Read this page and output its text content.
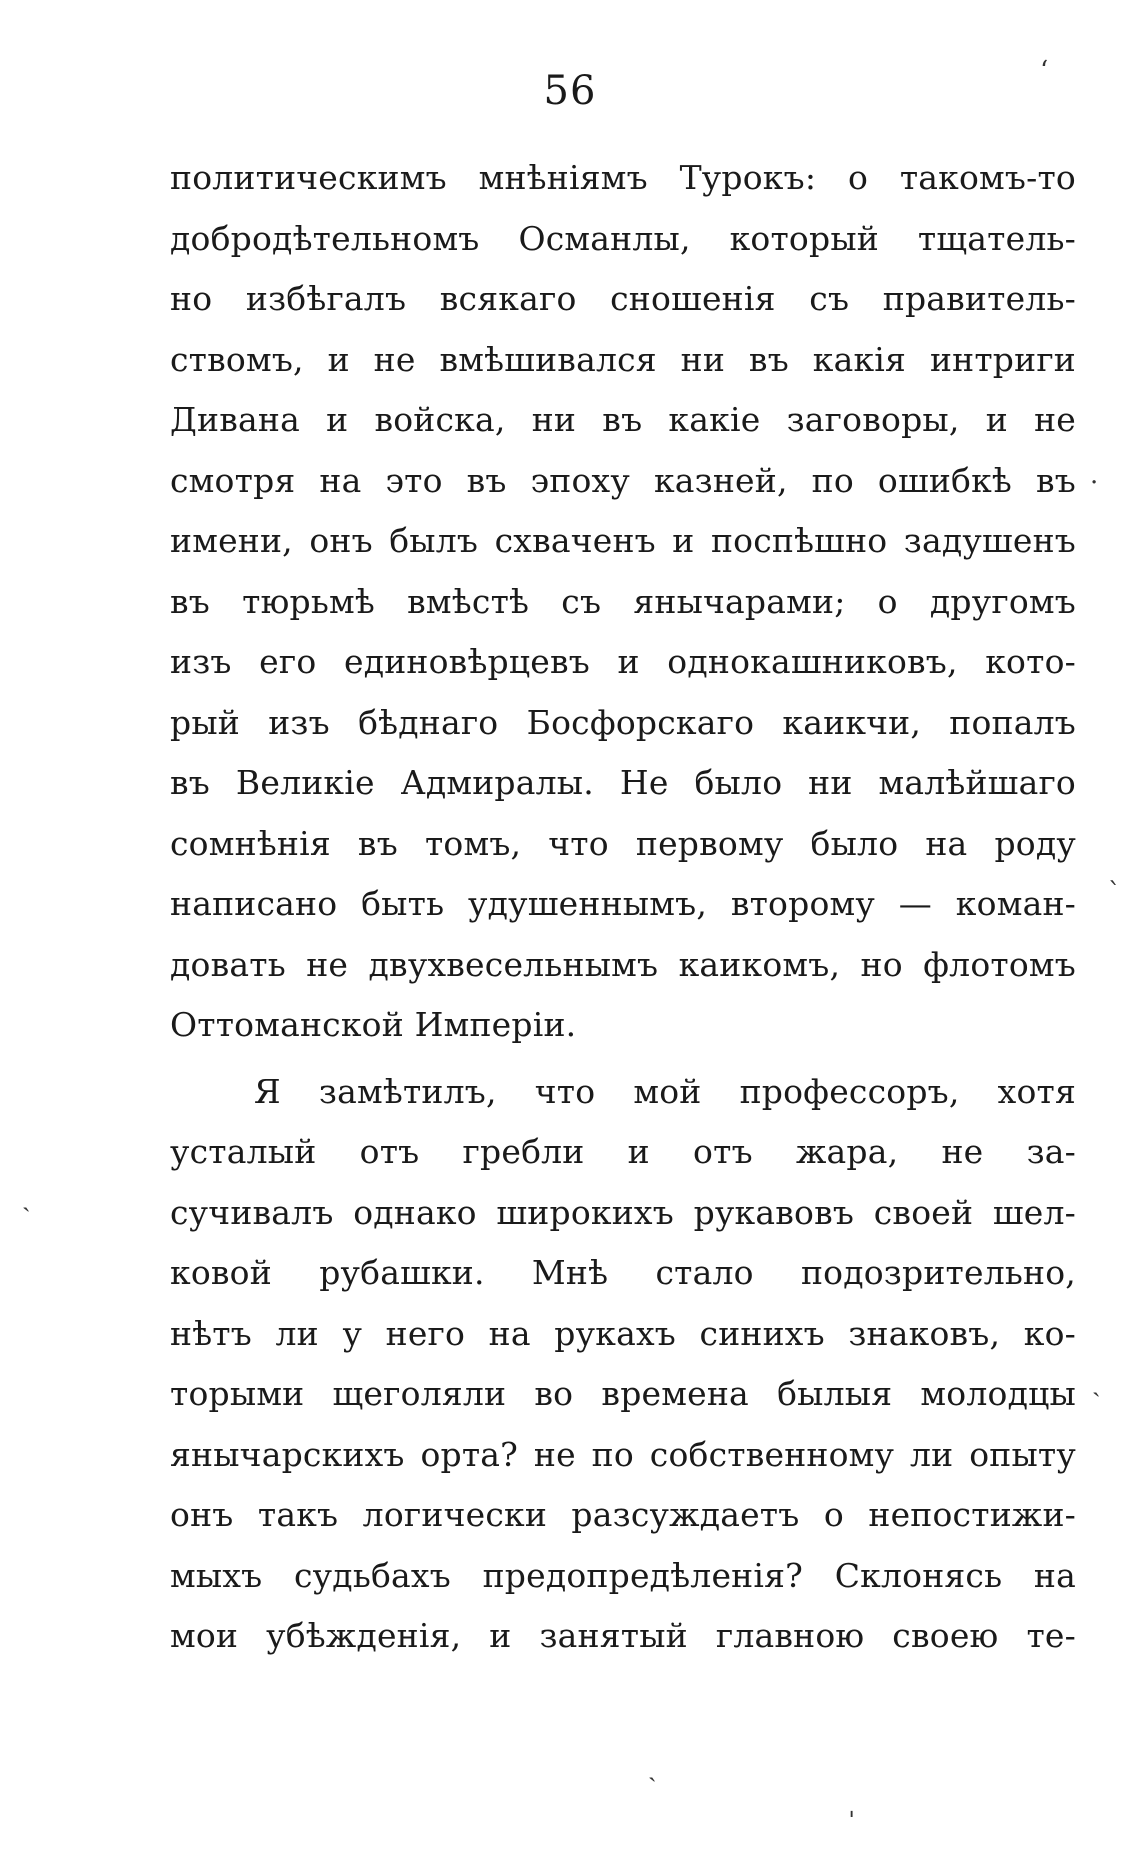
56
политическимъ мнѣніямъ Турокъ: о такомъ-то
добродѣтельномъ Османлы, который тщатель-
но избѣгалъ всякаго сношенія съ правитель-
ствомъ, и не вмѣшивался ни въ какія интриги
Дивана и войска, ни въ какіе заговоры, и не
смотря на это въ эпоху казней, по ошибкѣ въ
имени, онъ былъ схваченъ и поспѣшно задушенъ
въ тюрьмѣ вмѣстѣ съ янычарами; о другомъ
изъ его единовѣрцевъ и однокашниковъ, кото-
рый изъ бѣднаго Босфорскаго каикчи, попалъ
въ Великіе Адмиралы. Не было ни малѣйшаго
сомнѣнія въ томъ, что первому было на роду
написано быть удушеннымъ, второму — коман-
довать не двухвесельнымъ каикомъ, но флотомъ
Оттоманской Имперіи.
Я замѣтилъ, что мой профессоръ, хотя
усталый отъ гребли и отъ жара, не за-
сучивалъ однако широкихъ рукавовъ своей шел-
ковой рубашки. Мнѣ стало подозрительно,
нѣтъ ли у него на рукахъ синихъ знаковъ, ко-
торыми щеголяли во времена былыя молодцы
янычарскихъ ортa? не по собственному ли опыту
онъ такъ логически разсуждаетъ о непостижи-
мыхъ судьбахъ предопредѣленія? Склонясь на
мои убѣжденія, и занятый главною своею те-
ʻ
·
ˋ
ˏ
ˎ
ˎ
ˈ
